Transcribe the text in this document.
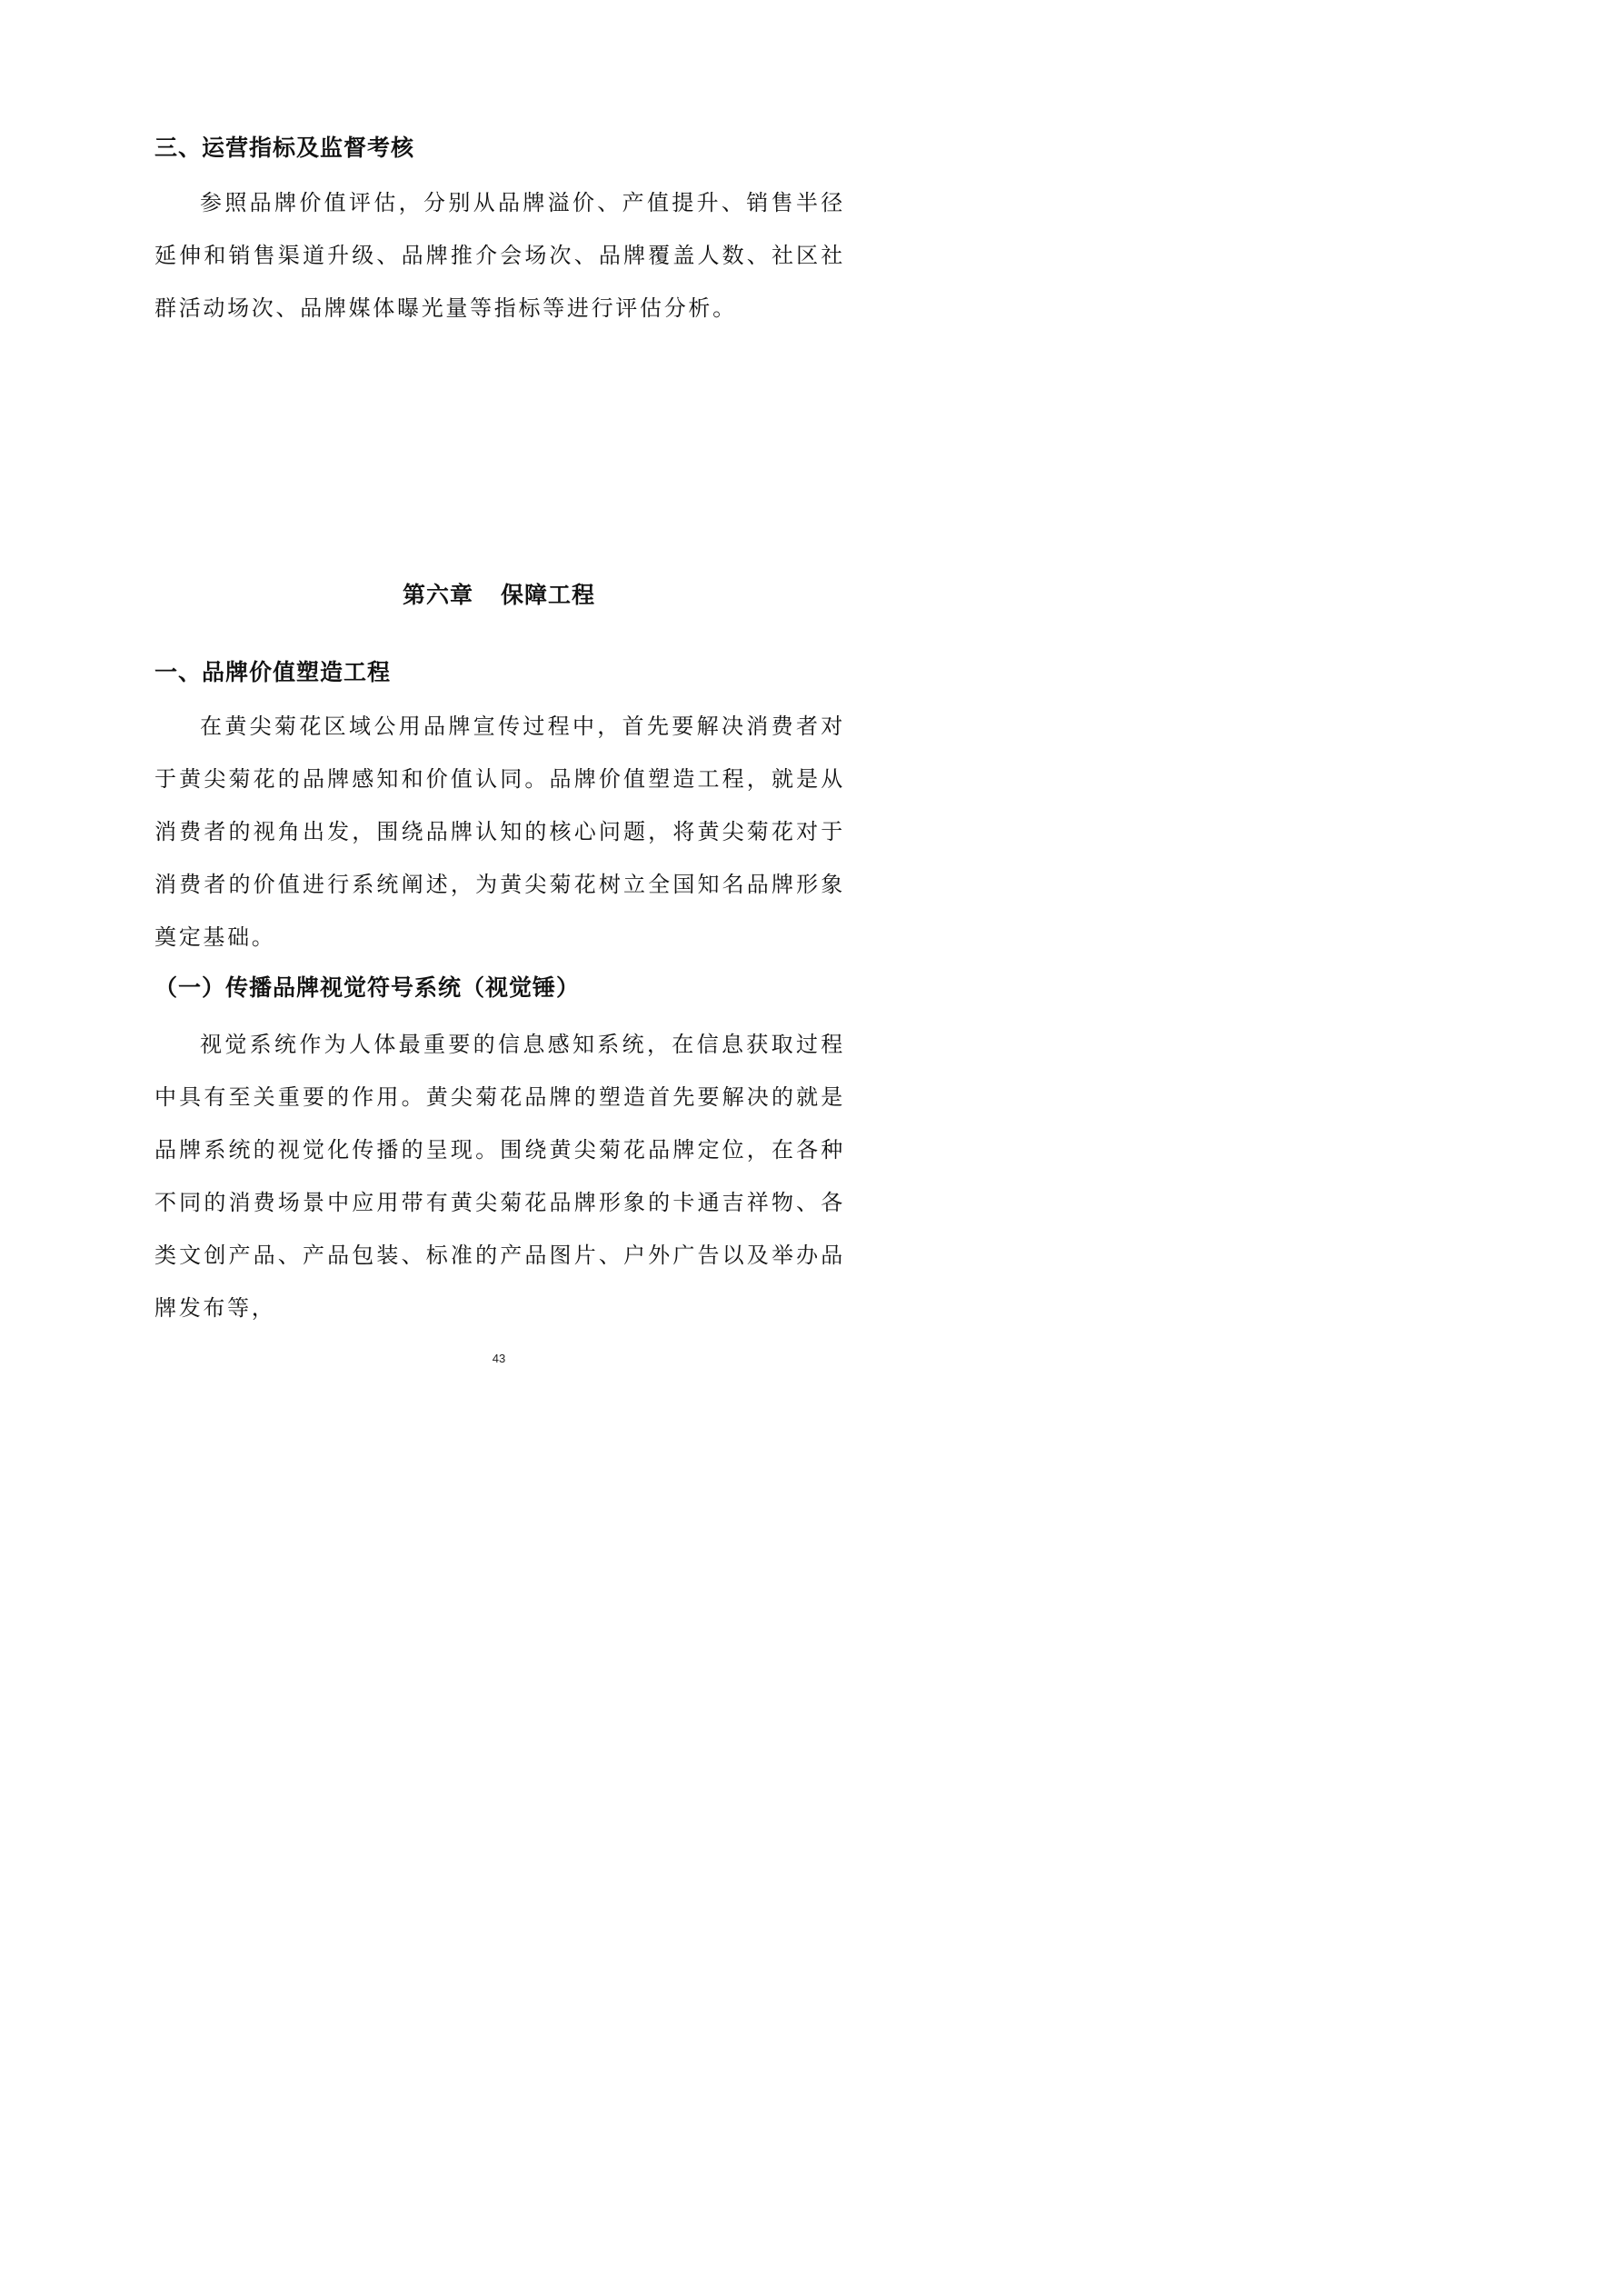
三、运营指标及监督考核

参照品牌价值评估，分别从品牌溢价、产值提升、销售半径延伸和销售渠道升级、品牌推介会场次、品牌覆盖人数、社区社群活动场次、品牌媒体曝光量等指标等进行评估分析。

第六章 保障工程
一、品牌价值塑造工程

在黄尖菊花区域公用品牌宣传过程中，首先要解决消费者对于黄尖菊花的品牌感知和价值认同。品牌价值塑造工程，就是从消费者的视角出发，围绕品牌认知的核心问题，将黄尖菊花对于消费者的价值进行系统阐述，为黄尖菊花树立全国知名品牌形象奠定基础。

（一）传播品牌视觉符号系统（视觉锤）

视觉系统作为人体最重要的信息感知系统，在信息获取过程中具有至关重要的作用。黄尖菊花品牌的塑造首先要解决的就是品牌系统的视觉化传播的呈现。围绕黄尖菊花品牌定位，在各种不同的消费场景中应用带有黄尖菊花品牌形象的卡通吉祥物、各类文创产品、产品包装、标准的产品图片、户外广告以及举办品牌发布等，

43
